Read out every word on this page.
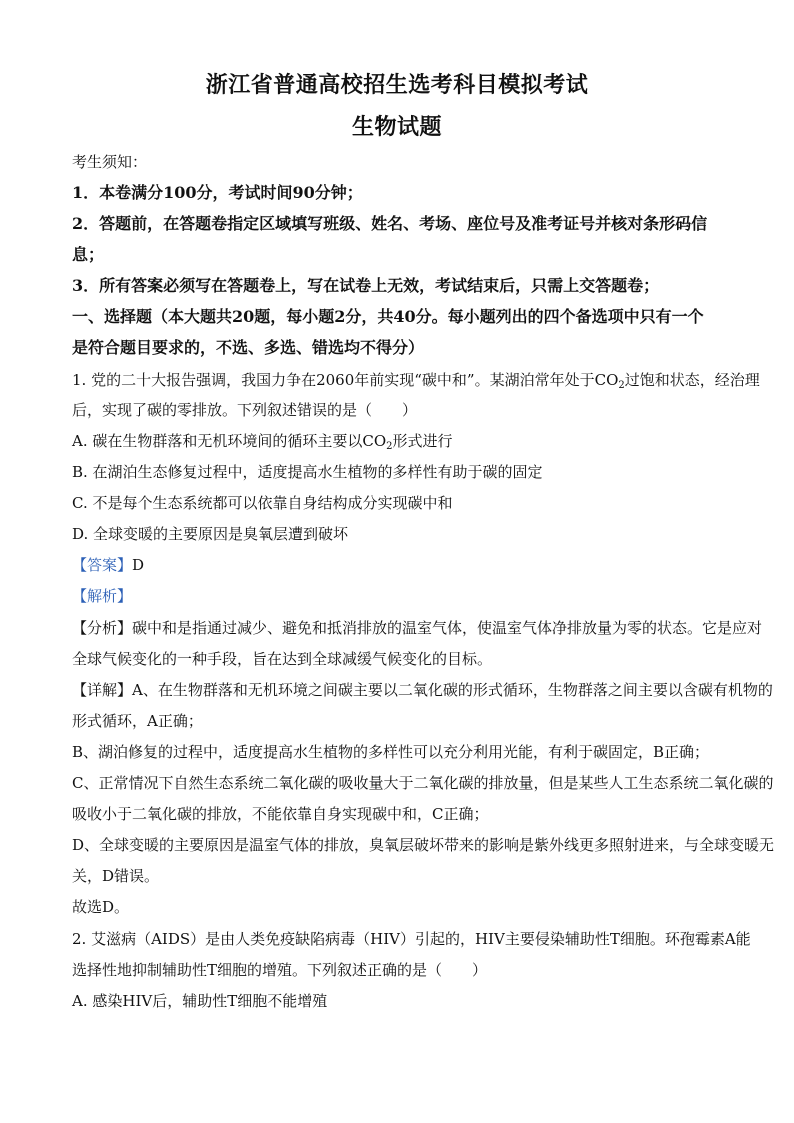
浙江省普通高校招生选考科目模拟考试
生物试题
考生须知：
1．本卷满分100分，考试时间90分钟；
2．答题前，在答题卷指定区域填写班级、姓名、考场、座位号及准考证号并核对条形码信
息；
3．所有答案必须写在答题卷上，写在试卷上无效，考试结束后，只需上交答题卷；
一、选择题（本大题共20题，每小题2分，共40分。每小题列出的四个备选项中只有一个
是符合题目要求的，不选、多选、错选均不得分）
1. 党的二十大报告强调，我国力争在2060年前实现“碳中和”。某湖泊常年处于$CO_2$过饱和状态，经治理
后，实现了碳的零排放。下列叙述错误的是（　　）
A. 碳在生物群落和无机环境间的循环主要以$CO_2$形式进行
B. 在湖泊生态修复过程中，适度提高水生植物的多样性有助于碳的固定
C. 不是每个生态系统都可以依靠自身结构成分实现碳中和
D. 全球变暖的主要原因是臭氧层遭到破坏
【答案】D
【解析】
【分析】碳中和是指通过减少、避免和抵消排放的温室气体，使温室气体净排放量为零的状态。它是应对
全球气候变化的一种手段，旨在达到全球减缓气候变化的目标。
【详解】A、在生物群落和无机环境之间碳主要以二氧化碳的形式循环，生物群落之间主要以含碳有机物的
形式循环，A正确；
B、湖泊修复的过程中，适度提高水生植物的多样性可以充分利用光能，有利于碳固定，B正确；
C、正常情况下自然生态系统二氧化碳的吸收量大于二氧化碳的排放量，但是某些人工生态系统二氧化碳的
吸收小于二氧化碳的排放，不能依靠自身实现碳中和，C正确；
D、全球变暖的主要原因是温室气体的排放，臭氧层破坏带来的影响是紫外线更多照射进来，与全球变暖无
关，D错误。
故选D。
2. 艾滋病（AIDS）是由人类免疫缺陷病毒（HIV）引起的，HIV主要侵染辅助性T细胞。环孢霉素A能
选择性地抑制辅助性T细胞的增殖。下列叙述正确的是（　　）
A. 感染HIV后，辅助性T细胞不能增殖
